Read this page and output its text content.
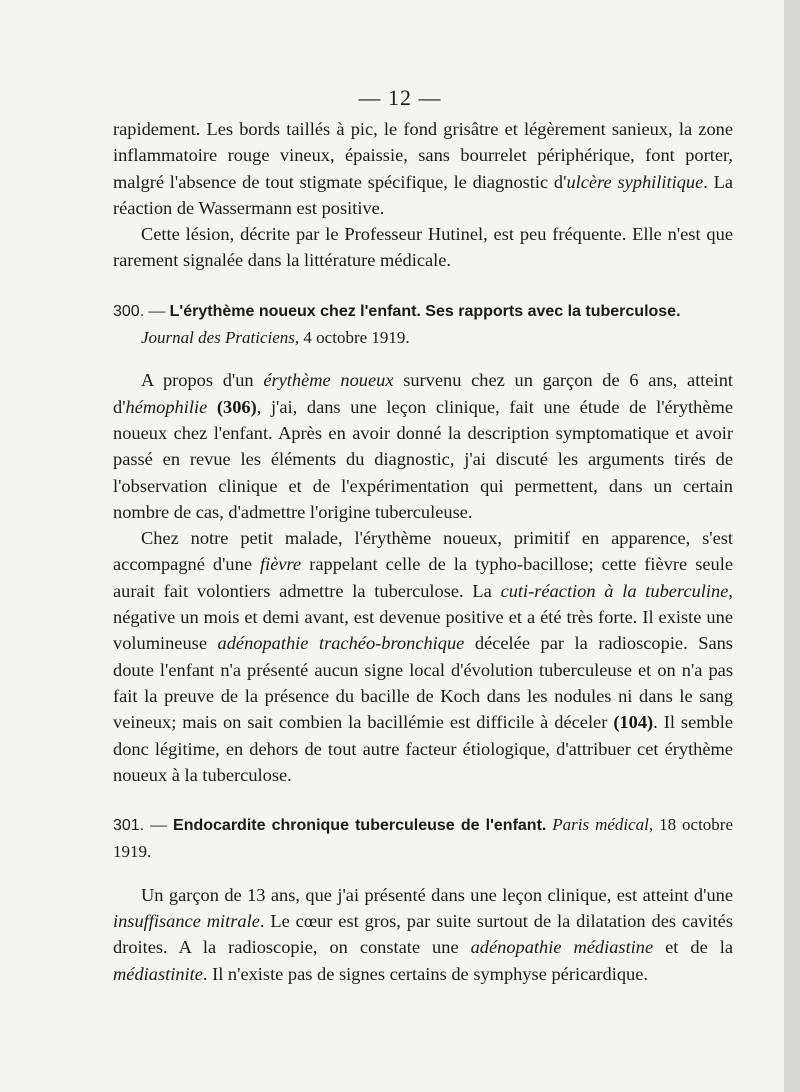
— 12 —

rapidement. Les bords taillés à pic, le fond grisâtre et légèrement sanieux, la zone inflammatoire rouge vineux, épaissie, sans bourrelet périphérique, font porter, malgré l'absence de tout stigmate spécifique, le diagnostic d'ulcère syphilitique. La réaction de Wassermann est positive.

Cette lésion, décrite par le Professeur Hutinel, est peu fréquente. Elle n'est que rarement signalée dans la littérature médicale.

300. — L'érythème noueux chez l'enfant. Ses rapports avec la tuberculose.
Journal des Praticiens, 4 octobre 1919.

A propos d'un érythème noueux survenu chez un garçon de 6 ans, atteint d'hémophilie (306), j'ai, dans une leçon clinique, fait une étude de l'érythème noueux chez l'enfant. Après en avoir donné la description symptomatique et avoir passé en revue les éléments du diagnostic, j'ai discuté les arguments tirés de l'observation clinique et de l'expérimentation qui permettent, dans un certain nombre de cas, d'admettre l'origine tuberculeuse.

Chez notre petit malade, l'érythème noueux, primitif en apparence, s'est accompagné d'une fièvre rappelant celle de la typho-bacillose; cette fièvre seule aurait fait volontiers admettre la tuberculose. La cuti-réaction à la tuberculine, négative un mois et demi avant, est devenue positive et a été très forte. Il existe une volumineuse adénopathie trachéo-bronchique décelée par la radioscopie. Sans doute l'enfant n'a présenté aucun signe local d'évolution tuberculeuse et on n'a pas fait la preuve de la présence du bacille de Koch dans les nodules ni dans le sang veineux; mais on sait combien la bacillémie est difficile à déceler (104). Il semble donc légitime, en dehors de tout autre facteur étiologique, d'attribuer cet érythème noueux à la tuberculose.

301. — Endocardite chronique tuberculeuse de l'enfant. Paris médical, 18 octobre 1919.

Un garçon de 13 ans, que j'ai présenté dans une leçon clinique, est atteint d'une insuffisance mitrale. Le cœur est gros, par suite surtout de la dilatation des cavités droites. A la radioscopie, on constate une adénopathie médiastine et de la médiastinite. Il n'existe pas de signes certains de symphyse péricardique.
